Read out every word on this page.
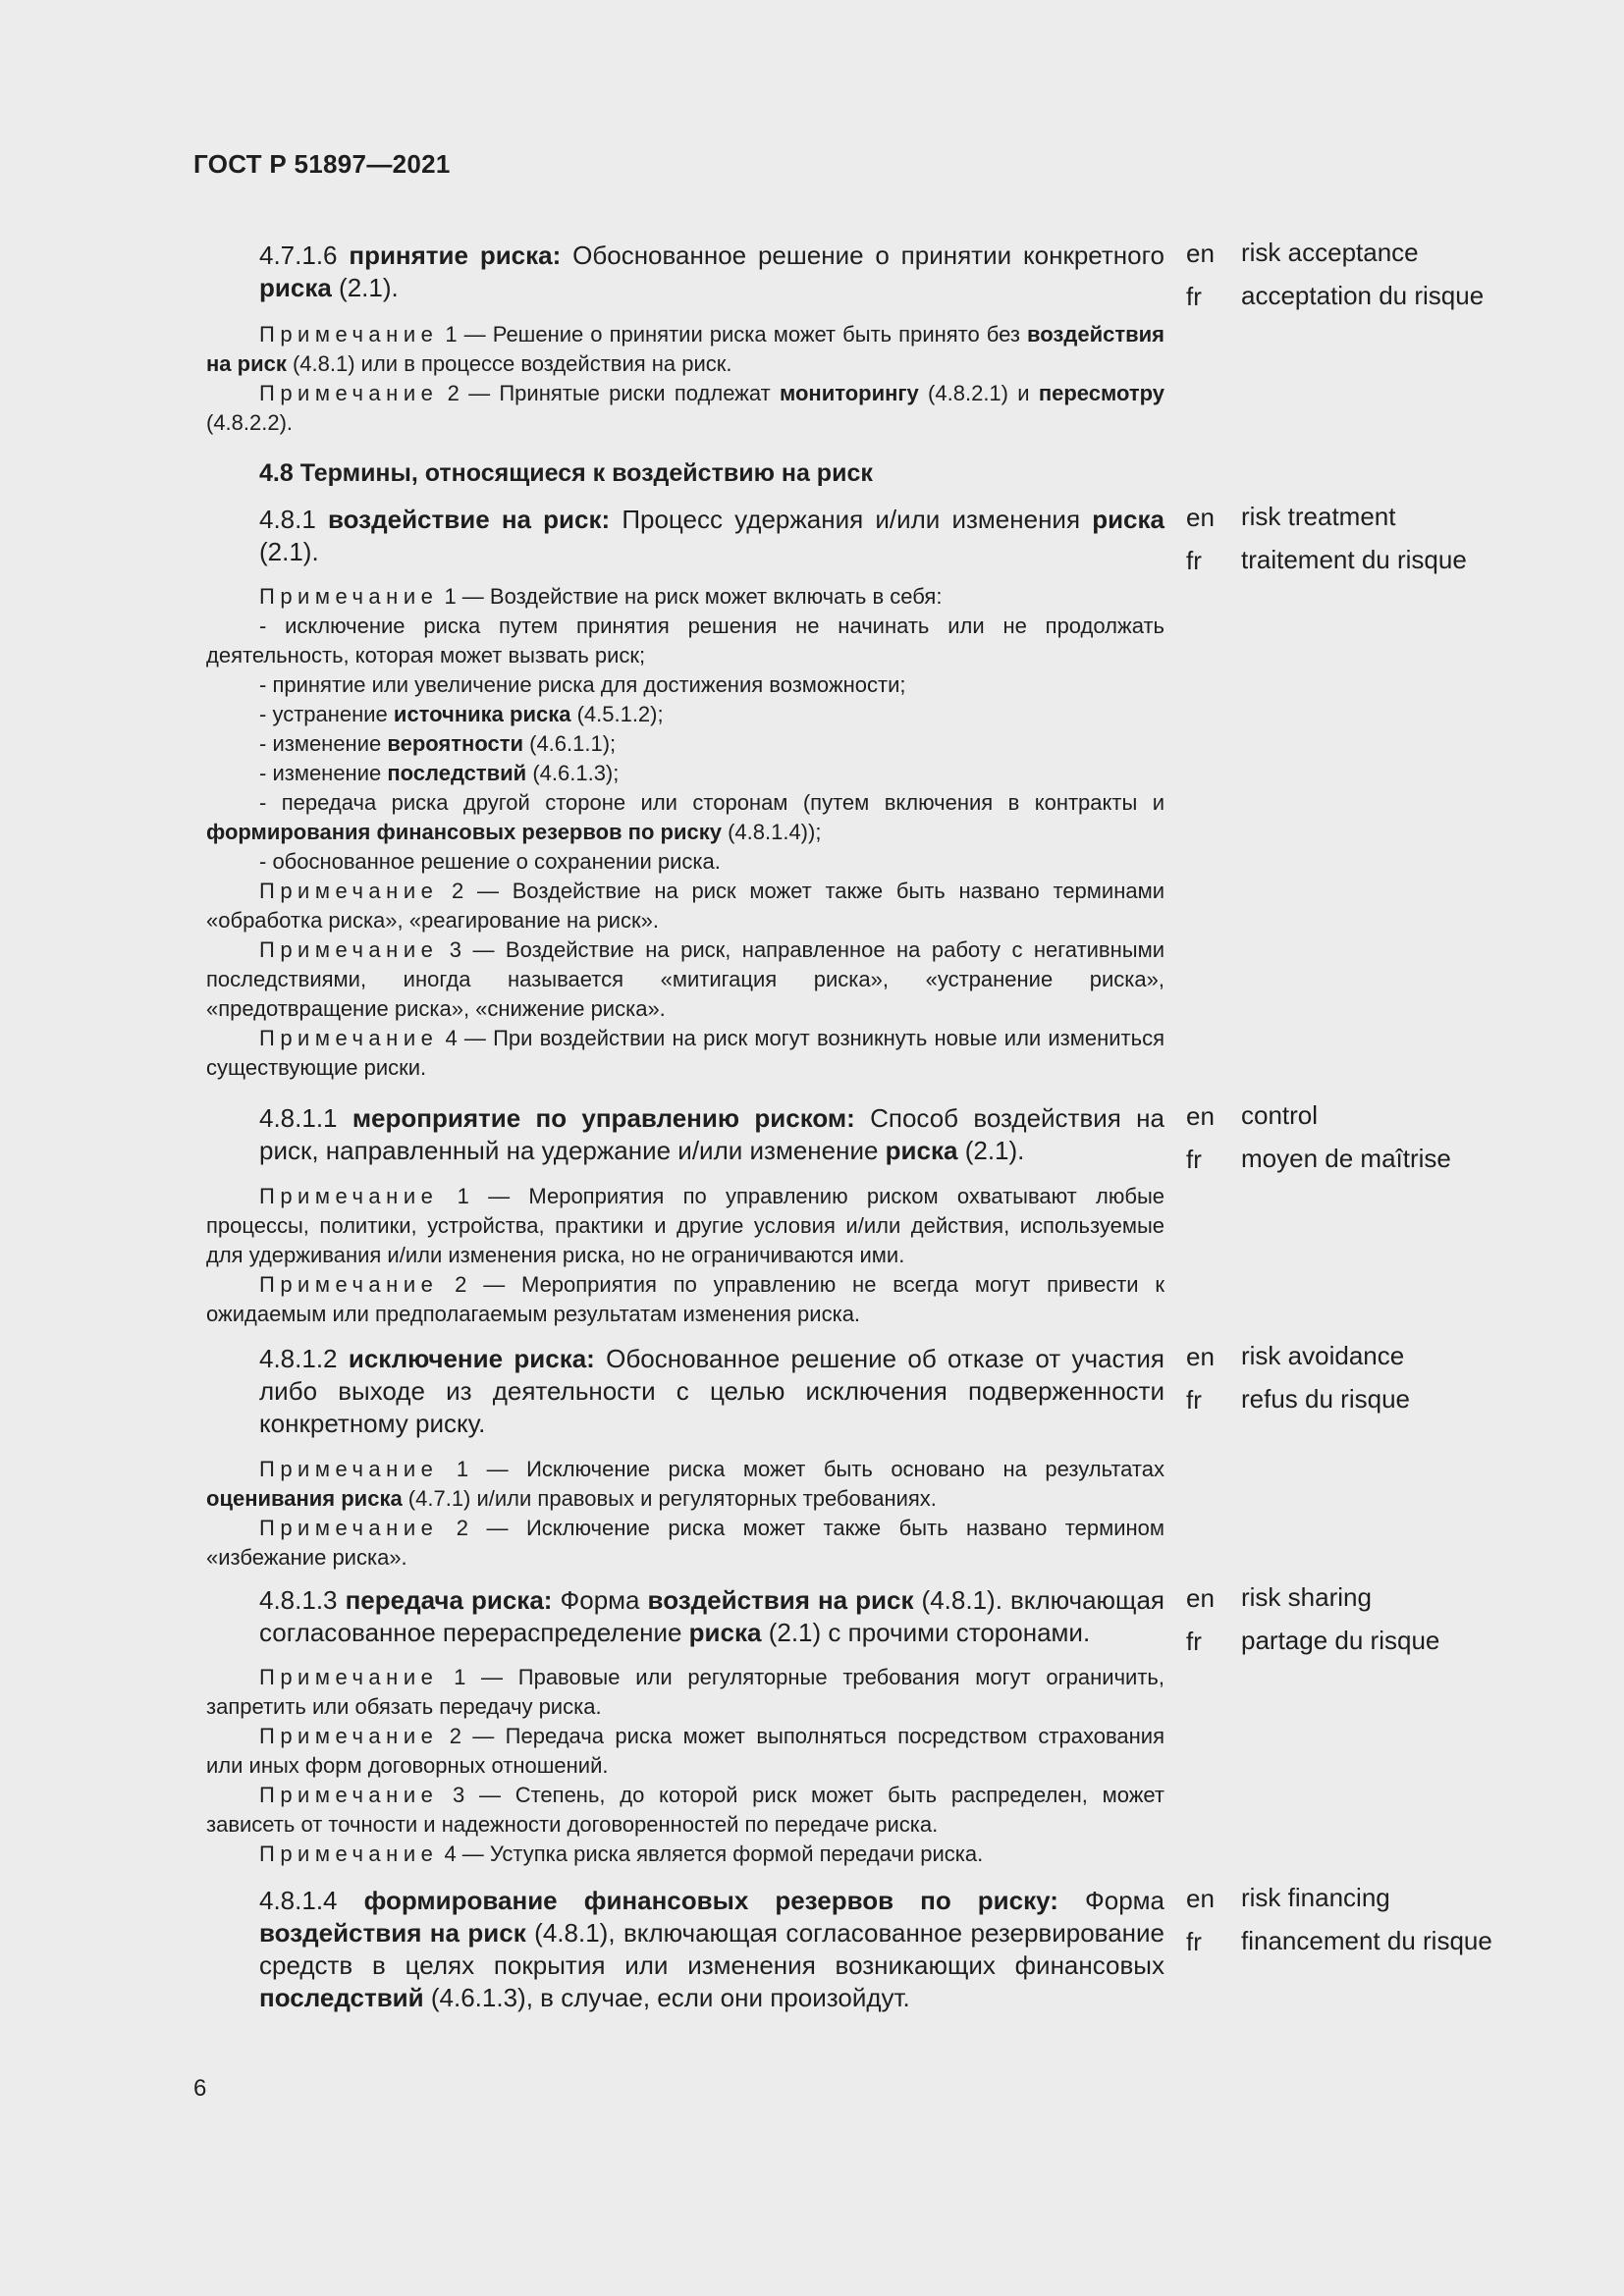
ГОСТ Р 51897—2021
4.8 Термины, относящиеся к воздействию на риск
4.7.1.6 принятие риска: Обоснованное решение о принятии конкретного риска (2.1).

Примечание 1 — Решение о принятии риска может быть принято без воздействия на риск (4.8.1) или в процессе воздействия на риск.

Примечание 2 — Принятые риски подлежат мониторингу (4.8.2.1) и пересмотру (4.8.2.2).

en	risk acceptance
fr	acceptation du risque
4.8.1 воздействие на риск: Процесс удержания и/или изменения риска (2.1).

Примечание 1 — Воздействие на риск может включать в себя:

- исключение риска путем принятия решения не начинать или не продолжать деятельность, которая может вызвать риск;

- принятие или увеличение риска для достижения возможности;

- устранение источника риска (4.5.1.2);

- изменение вероятности (4.6.1.1);

- изменение последствий (4.6.1.3);

- передача риска другой стороне или сторонам (путем включения в контракты и формирования финансовых резервов по риску (4.8.1.4));

- обоснованное решение о сохранении риска.

Примечание 2 — Воздействие на риск может также быть названо терминами «обработка риска», «реагирование на риск».

Примечание 3 — Воздействие на риск, направленное на работу с негативными последствиями, иногда называется «митигация риска», «устранение риска», «предотвращение риска», «снижение риска».

Примечание 4 — При воздействии на риск могут возникнуть новые или измениться существующие риски.

en	risk treatment
fr	traitement du risque
4.8.1.1 мероприятие по управлению риском: Способ воздействия на риск, направленный на удержание и/или изменение риска (2.1).

Примечание 1 — Мероприятия по управлению риском охватывают любые процессы, политики, устройства, практики и другие условия и/или действия, используемые для удерживания и/или изменения риска, но не ограничиваются ими.

Примечание 2 — Мероприятия по управлению не всегда могут привести к ожидаемым или предполагаемым результатам изменения риска.

en	control
fr	moyen de maîtrise
4.8.1.2 исключение риска: Обоснованное решение об отказе от участия либо выходе из деятельности с целью исключения подверженности конкретному риску.

Примечание 1 — Исключение риска может быть основано на результатах оценивания риска (4.7.1) и/или правовых и регуляторных требованиях.

Примечание 2 — Исключение риска может также быть названо термином «избежание риска».

en	risk avoidance
fr	refus du risque
4.8.1.3 передача риска: Форма воздействия на риск (4.8.1). включающая согласованное перераспределение риска (2.1) с прочими сторонами.

Примечание 1 — Правовые или регуляторные требования могут ограничить, запретить или обязать передачу риска.

Примечание 2 — Передача риска может выполняться посредством страхования или иных форм договорных отношений.

Примечание 3 — Степень, до которой риск может быть распределен, может зависеть от точности и надежности договоренностей по передаче риска.

Примечание 4 — Уступка риска является формой передачи риска.

en	risk sharing
fr	partage du risque
4.8.1.4 формирование финансовых резервов по риску: Форма воздействия на риск (4.8.1), включающая согласованное резервирование средств в целях покрытия или изменения возникающих финансовых последствий (4.6.1.3), в случае, если они произойдут.
en	risk financing
fr	financement du risque
6
